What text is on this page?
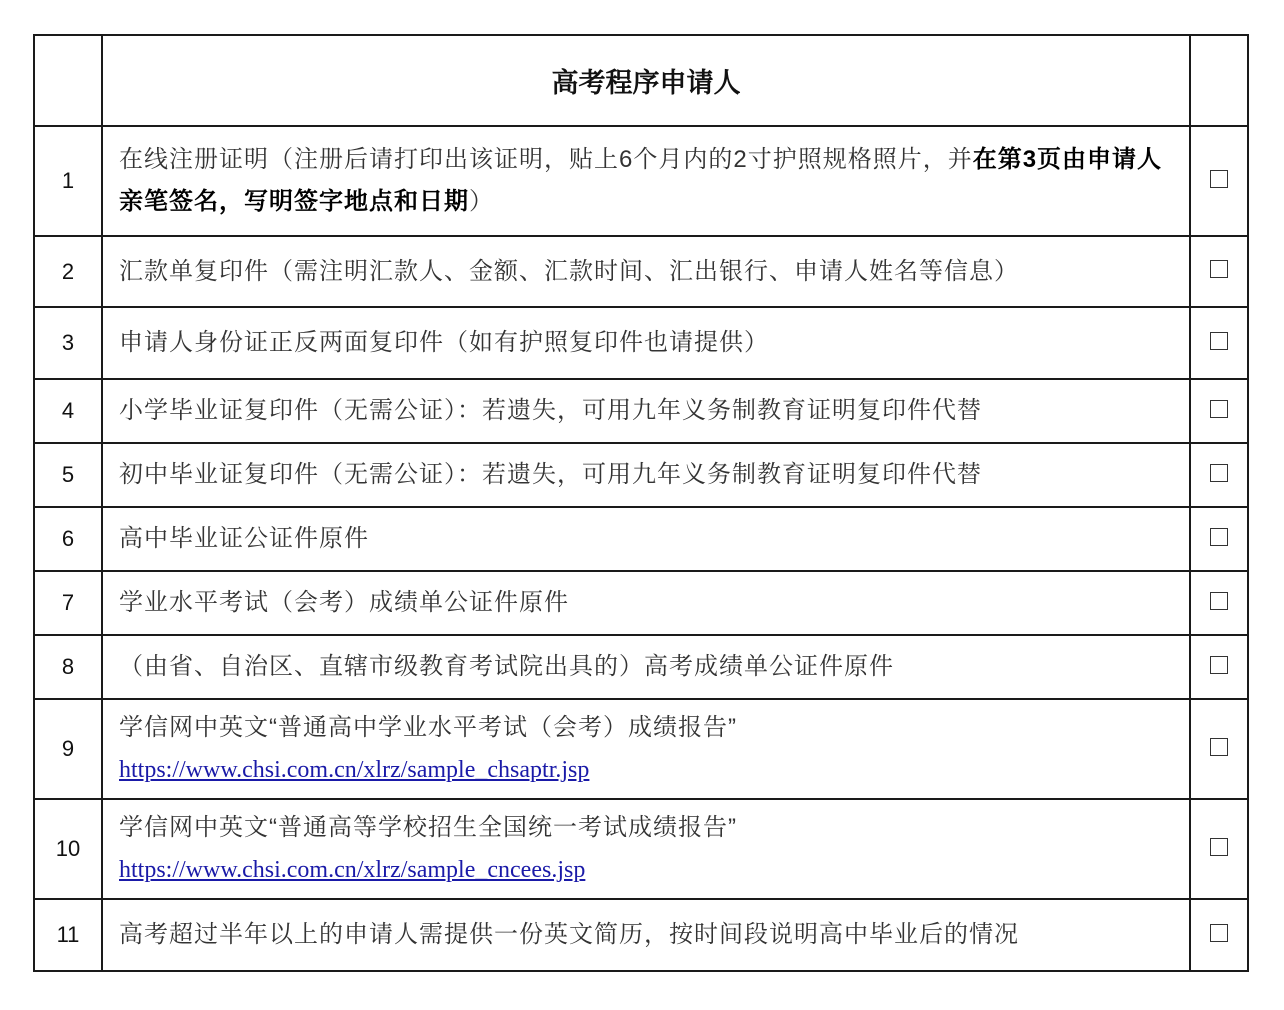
	高考程序申请人	
1	在线注册证明（注册后请打印出该证明，贴上6个月内的2寸护照规格照片，并在第3页由申请人亲笔签名，写明签字地点和日期）	
2	汇款单复印件（需注明汇款人、金额、汇款时间、汇出银行、申请人姓名等信息）	
3	申请人身份证正反两面复印件（如有护照复印件也请提供）	
4	小学毕业证复印件（无需公证）：若遗失，可用九年义务制教育证明复印件代替	
5	初中毕业证复印件（无需公证）：若遗失，可用九年义务制教育证明复印件代替	
6	高中毕业证公证件原件	
7	学业水平考试（会考）成绩单公证件原件	
8	（由省、自治区、直辖市级教育考试院出具的）高考成绩单公证件原件	
9	学信网中英文“普通高中学业水平考试（会考）成绩报告”
https://www.chsi.com.cn/xlrz/sample_chsaptr.jsp	
10	学信网中英文“普通高等学校招生全国统一考试成绩报告”
https://www.chsi.com.cn/xlrz/sample_cncees.jsp	
11	高考超过半年以上的申请人需提供一份英文简历，按时间段说明高中毕业后的情况	
